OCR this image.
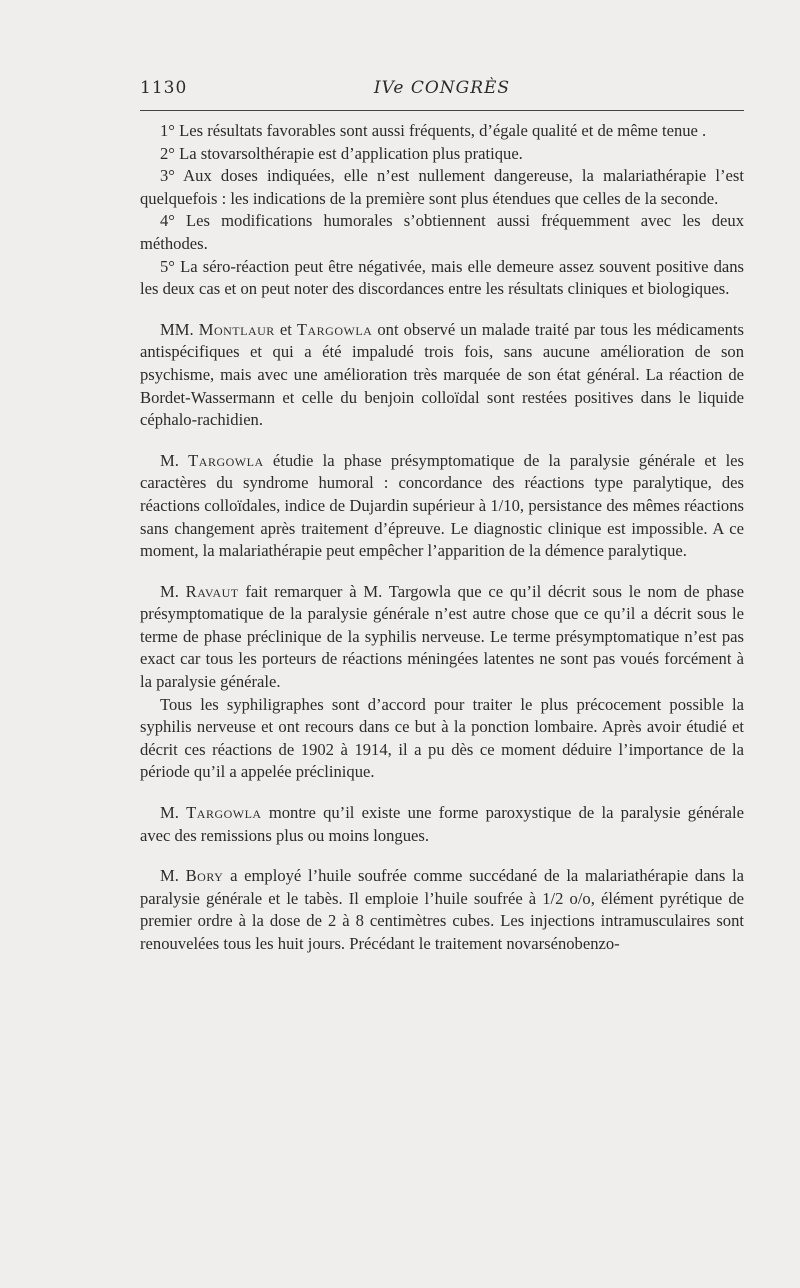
1130	IVe CONGRÈS

1° Les résultats favorables sont aussi fréquents, d’égale qualité et de même tenue .

2° La stovarsolthérapie est d’application plus pratique.

3° Aux doses indiquées, elle n’est nullement dangereuse, la malariathérapie l’est quelquefois : les indications de la première sont plus étendues que celles de la seconde.

4° Les modifications humorales s’obtiennent aussi fréquemment avec les deux méthodes.

5° La séro-réaction peut être négativée, mais elle demeure assez souvent positive dans les deux cas et on peut noter des discordances entre les résultats cliniques et biologiques.

MM. Montlaur et Targowla ont observé un malade traité par tous les médicaments antispécifiques et qui a été impaludé trois fois, sans aucune amélioration de son psychisme, mais avec une amélioration très marquée de son état général. La réaction de Bordet-Wassermann et celle du benjoin colloïdal sont restées positives dans le liquide céphalo-rachidien.

M. Targowla étudie la phase présymptomatique de la paralysie générale et les caractères du syndrome humoral : concordance des réactions type paralytique, des réactions colloïdales, indice de Dujardin supérieur à 1/10, persistance des mêmes réactions sans changement après traitement d’épreuve. Le diagnostic clinique est impossible. A ce moment, la malariathérapie peut empêcher l’apparition de la démence paralytique.

M. Ravaut fait remarquer à M. Targowla que ce qu’il décrit sous le nom de phase présymptomatique de la paralysie générale n’est autre chose que ce qu’il a décrit sous le terme de phase préclinique de la syphilis nerveuse. Le terme présymptomatique n’est pas exact car tous les porteurs de réactions méningées latentes ne sont pas voués forcément à la paralysie générale.

Tous les syphiligraphes sont d’accord pour traiter le plus précocement possible la syphilis nerveuse et ont recours dans ce but à la ponction lombaire. Après avoir étudié et décrit ces réactions de 1902 à 1914, il a pu dès ce moment déduire l’importance de la période qu’il a appelée préclinique.

M. Targowla montre qu’il existe une forme paroxystique de la paralysie générale avec des remissions plus ou moins longues.

M. Bory a employé l’huile soufrée comme succédané de la malariathérapie dans la paralysie générale et le tabès. Il emploie l’huile soufrée à 1/2 o/o, élément pyrétique de premier ordre à la dose de 2 à 8 centimètres cubes. Les injections intramusculaires sont renouvelées tous les huit jours. Précédant le traitement novarsénobenzo-
